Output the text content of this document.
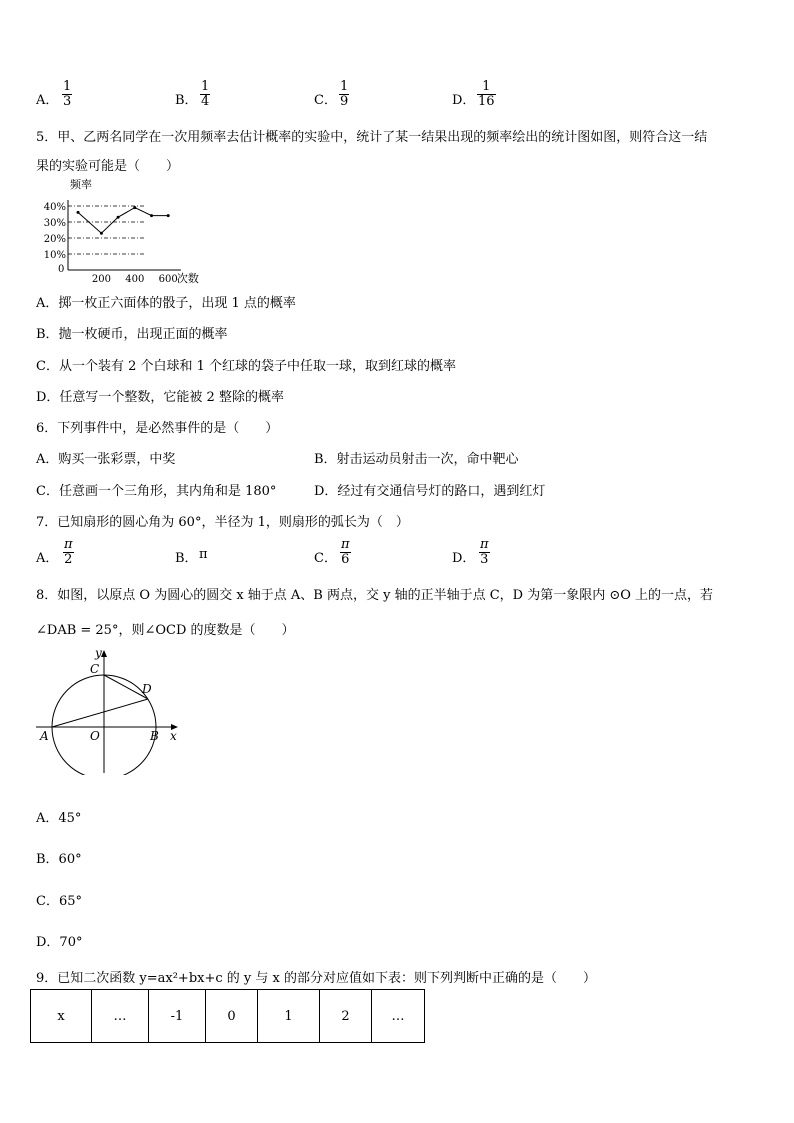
A． $\frac{1}{3}$	B． $\frac{1}{4}$	C． $\frac{1}{9}$	D． $\frac{1}{16}$
5．甲、乙两名同学在一次用频率去估计概率的实验中，统计了某一结果出现的频率绘出的统计图如图，则符合这一结
果的实验可能是（　　）
10%
20%
30%
40%
200 400 600
0
频率
次数
A．掷一枚正六面体的骰子，出现 1 点的概率
B．抛一枚硬币，出现正面的概率
C．从一个装有 2 个白球和 1 个红球的袋子中任取一球，取到红球的概率
D．任意写一个整数，它能被 2 整除的概率
6．下列事件中，是必然事件的是（　　）
A．购买一张彩票，中奖	B．射击运动员射击一次，命中靶心
C．任意画一个三角形，其内角和是 180°	D．经过有交通信号灯的路口，遇到红灯
7．已知扇形的圆心角为 60°，半径为 1，则扇形的弧长为（　）
A． $\frac{\pi}{2}$	B． π	C． $\frac{\pi}{6}$	D． $\frac{\pi}{3}$
8．如图，以原点 O 为圆心的圆交 x 轴于点 A、B 两点，交 y 轴的正半轴于点 C，D 为第一象限内 ⊙O 上的一点，若
∠DAB = 25°，则∠OCD 的度数是（　　）
y
x
C
D
A	O	B
A．45°
B．60°
C．65°
D．70°
9．已知二次函数 y=ax²+bx+c 的 y 与 x 的部分对应值如下表：则下列判断中正确的是（　　）
x	…	-1	0	1	2	…
